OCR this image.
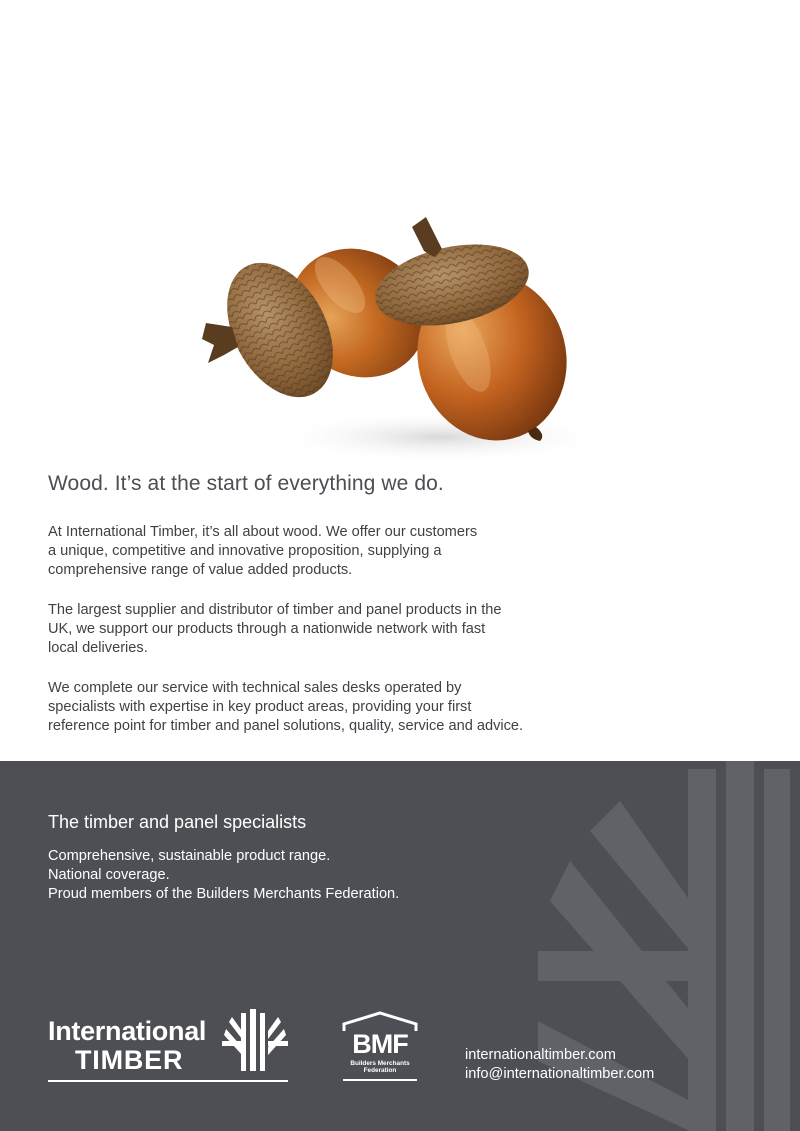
Wood. It’s at the start of everything we do.

At International Timber, it’s all about wood. We offer our customers
a unique, competitive and innovative proposition, supplying a
comprehensive range of value added products.

The largest supplier and distributor of timber and panel products in the
UK, we support our products through a nationwide network with fast
local deliveries.

We complete our service with technical sales desks operated by
specialists with expertise in key product areas, providing your first
reference point for timber and panel solutions, quality, service and advice.

The timber and panel specialists

Comprehensive, sustainable product range.
National coverage.
Proud members of the Builders Merchants Federation.

International
TIMBER
BMF
Builders Merchants
Federation

internationaltimber.com
info@internationaltimber.com
